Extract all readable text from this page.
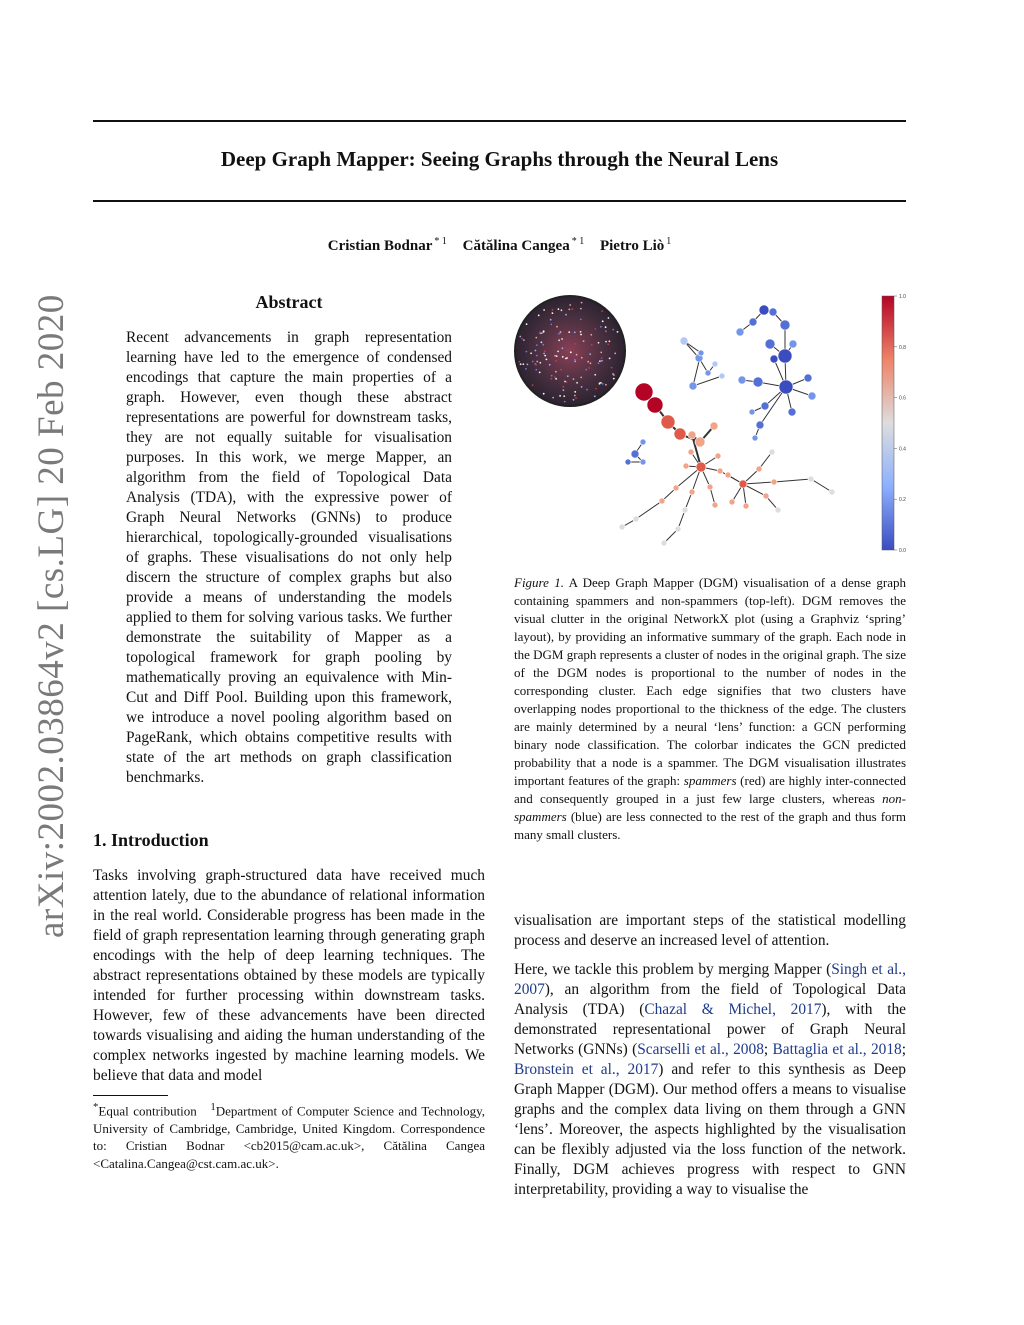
Deep Graph Mapper: Seeing Graphs through the Neural Lens
Cristian Bodnar $^{* 1}$ Cătălina Cangea $^{* 1}$ Pietro Liò $^1$
arXiv:2002.03864v2 [cs.LG] 20 Feb 2020	Abstract

Recent advancements in graph representation learning have led to the emergence of condensed encodings that capture the main properties of a graph. However, even though these abstract representations are powerful for downstream tasks, they are not equally suitable for visualisation purposes. In this work, we merge Mapper, an algorithm from the field of Topological Data Analysis (TDA), with the expressive power of Graph Neural Networks (GNNs) to produce hierarchical, topologically-grounded visualisations of graphs. These visualisations do not only help discern the structure of complex graphs but also provide a means of understanding the models applied to them for solving various tasks. We further demonstrate the suitability of Mapper as a topological framework for graph pooling by mathematically proving an equivalence with Min-Cut and Diff Pool. Building upon this framework, we introduce a novel pooling algorithm based on PageRank, which obtains competitive results with state of the art methods on graph classification benchmarks.

1. Introduction

Tasks involving graph-structured data have received much attention lately, due to the abundance of relational information in the real world. Considerable progress has been made in the field of graph representation learning through generating graph encodings with the help of deep learning techniques. The abstract representations obtained by these models are typically intended for further processing within downstream tasks. However, few of these advancements have been directed towards visualising and aiding the human understanding of the complex networks ingested by machine learning models. We believe that data and model

*Equal contribution $^1$Department of Computer Science and Technology, University of Cambridge, Cambridge, United Kingdom. Correspondence to: Cristian Bodnar <cb2015@cam.ac.uk>, Cătălina Cangea <Catalina.Cangea@cst.cam.ac.uk>.

1.0
0.8
0.6
0.4
0.2
0.0

Figure 1. A Deep Graph Mapper (DGM) visualisation of a dense graph containing spammers and non-spammers (top-left). DGM removes the visual clutter in the original NetworkX plot (using a Graphviz ‘spring’ layout), by providing an informative summary of the graph. Each node in the DGM graph represents a cluster of nodes in the original graph. The size of the DGM nodes is proportional to the number of nodes in the corresponding cluster. Each edge signifies that two clusters have overlapping nodes proportional to the thickness of the edge. The clusters are mainly determined by a neural ‘lens’ function: a GCN performing binary node classification. The colorbar indicates the GCN predicted probability that a node is a spammer. The DGM visualisation illustrates important features of the graph: spammers (red) are highly inter-connected and consequently grouped in a just few large clusters, whereas non-spammers (blue) are less connected to the rest of the graph and thus form many small clusters.

visualisation are important steps of the statistical modelling process and deserve an increased level of attention.

Here, we tackle this problem by merging Mapper (Singh et al., 2007), an algorithm from the field of Topological Data Analysis (TDA) (Chazal & Michel, 2017), with the demonstrated representational power of Graph Neural Networks (GNNs) (Scarselli et al., 2008; Battaglia et al., 2018; Bronstein et al., 2017) and refer to this synthesis as Deep Graph Mapper (DGM). Our method offers a means to visualise graphs and the complex data living on them through a GNN ‘lens’. Moreover, the aspects highlighted by the visualisation can be flexibly adjusted via the loss function of the network. Finally, DGM achieves progress with respect to GNN interpretability, providing a way to visualise the
